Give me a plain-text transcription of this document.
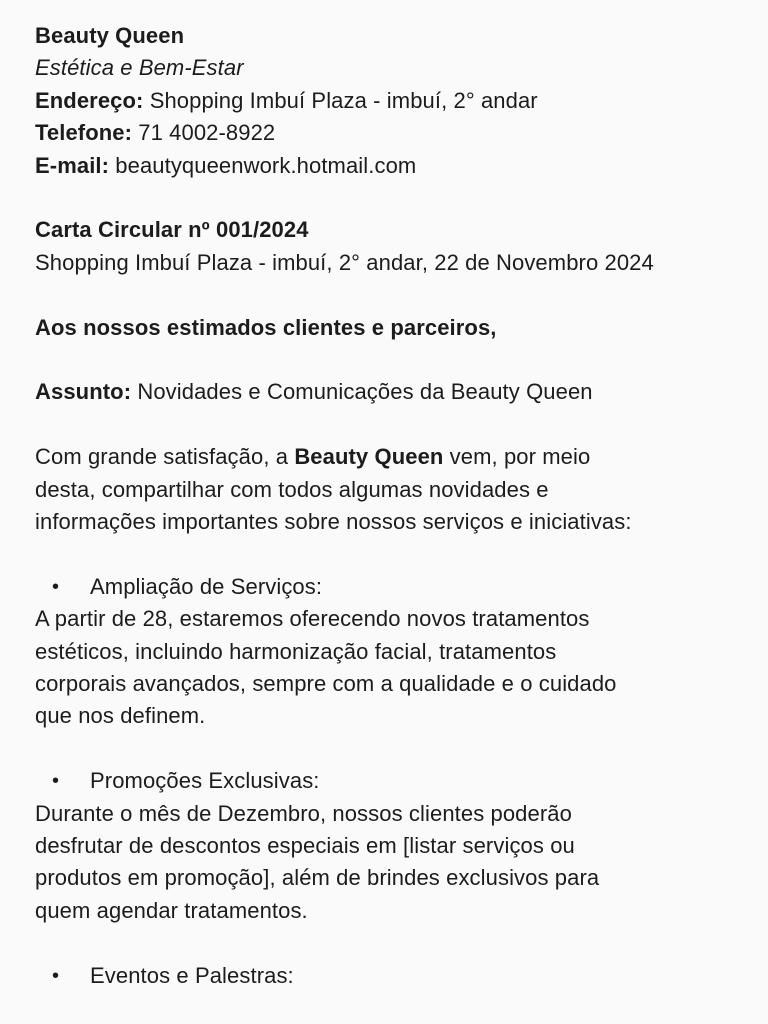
Beauty Queen
Estética e Bem-Estar
Endereço: Shopping Imbuí Plaza - imbuí, 2° andar
Telefone: 71 4002-8922
E-mail: beautyqueenwork.hotmail.com
Carta Circular nº 001/2024
Shopping Imbuí Plaza - imbuí, 2° andar, 22 de Novembro 2024
Aos nossos estimados clientes e parceiros,
Assunto: Novidades e Comunicações da Beauty Queen
Com grande satisfação, a Beauty Queen vem, por meio
desta, compartilhar com todos algumas novidades e
informações importantes sobre nossos serviços e iniciativas:
• Ampliação de Serviços:
A partir de 28, estaremos oferecendo novos tratamentos
estéticos, incluindo harmonização facial, tratamentos
corporais avançados, sempre com a qualidade e o cuidado
que nos definem.
• Promoções Exclusivas:
Durante o mês de Dezembro, nossos clientes poderão
desfrutar de descontos especiais em [listar serviços ou
produtos em promoção], além de brindes exclusivos para
quem agendar tratamentos.
• Eventos e Palestras:
